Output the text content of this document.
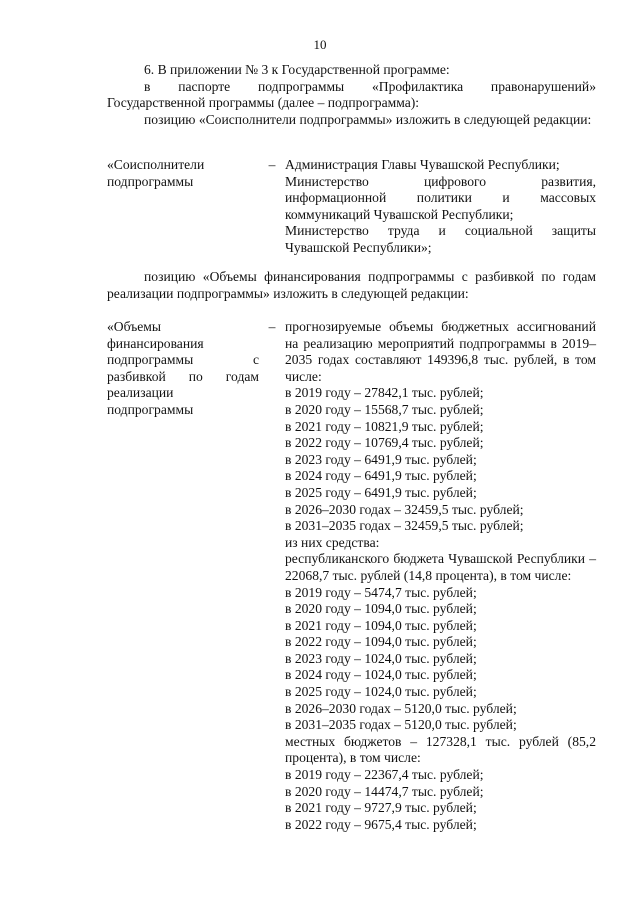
10
6. В приложении № 3 к Государственной программе:
в паспорте подпрограммы «Профилактика правонарушений» Государственной программы (далее – подпрограмма):
позицию «Соисполнители подпрограммы» изложить в следующей редакции:
«Соисполнители подпрограммы
– Администрация Главы Чувашской Республики;
Министерство цифрового развития, информационной политики и массовых коммуникаций Чувашской Республики;
Министерство труда и социальной защиты Чувашской Республики»;
позицию «Объемы финансирования подпрограммы с разбивкой по годам реализации подпрограммы» изложить в следующей редакции:
«Объемы финансирования подпрограммы с разбивкой по годам реализации подпрограммы
– прогнозируемые объемы бюджетных ассигнований на реализацию мероприятий подпрограммы в 2019–2035 годах составляют 149396,8 тыс. рублей, в том числе:
в 2019 году – 27842,1 тыс. рублей;
в 2020 году – 15568,7 тыс. рублей;
в 2021 году – 10821,9 тыс. рублей;
в 2022 году – 10769,4 тыс. рублей;
в 2023 году – 6491,9 тыс. рублей;
в 2024 году – 6491,9 тыс. рублей;
в 2025 году – 6491,9 тыс. рублей;
в 2026–2030 годах – 32459,5 тыс. рублей;
в 2031–2035 годах – 32459,5 тыс. рублей;
из них средства:
республиканского бюджета Чувашской Республики – 22068,7 тыс. рублей (14,8 процента), в том числе:
в 2019 году – 5474,7 тыс. рублей;
в 2020 году – 1094,0 тыс. рублей;
в 2021 году – 1094,0 тыс. рублей;
в 2022 году – 1094,0 тыс. рублей;
в 2023 году – 1024,0 тыс. рублей;
в 2024 году – 1024,0 тыс. рублей;
в 2025 году – 1024,0 тыс. рублей;
в 2026–2030 годах – 5120,0 тыс. рублей;
в 2031–2035 годах – 5120,0 тыс. рублей;
местных бюджетов – 127328,1 тыс. рублей (85,2 процента), в том числе:
в 2019 году – 22367,4 тыс. рублей;
в 2020 году – 14474,7 тыс. рублей;
в 2021 году – 9727,9 тыс. рублей;
в 2022 году – 9675,4 тыс. рублей;
